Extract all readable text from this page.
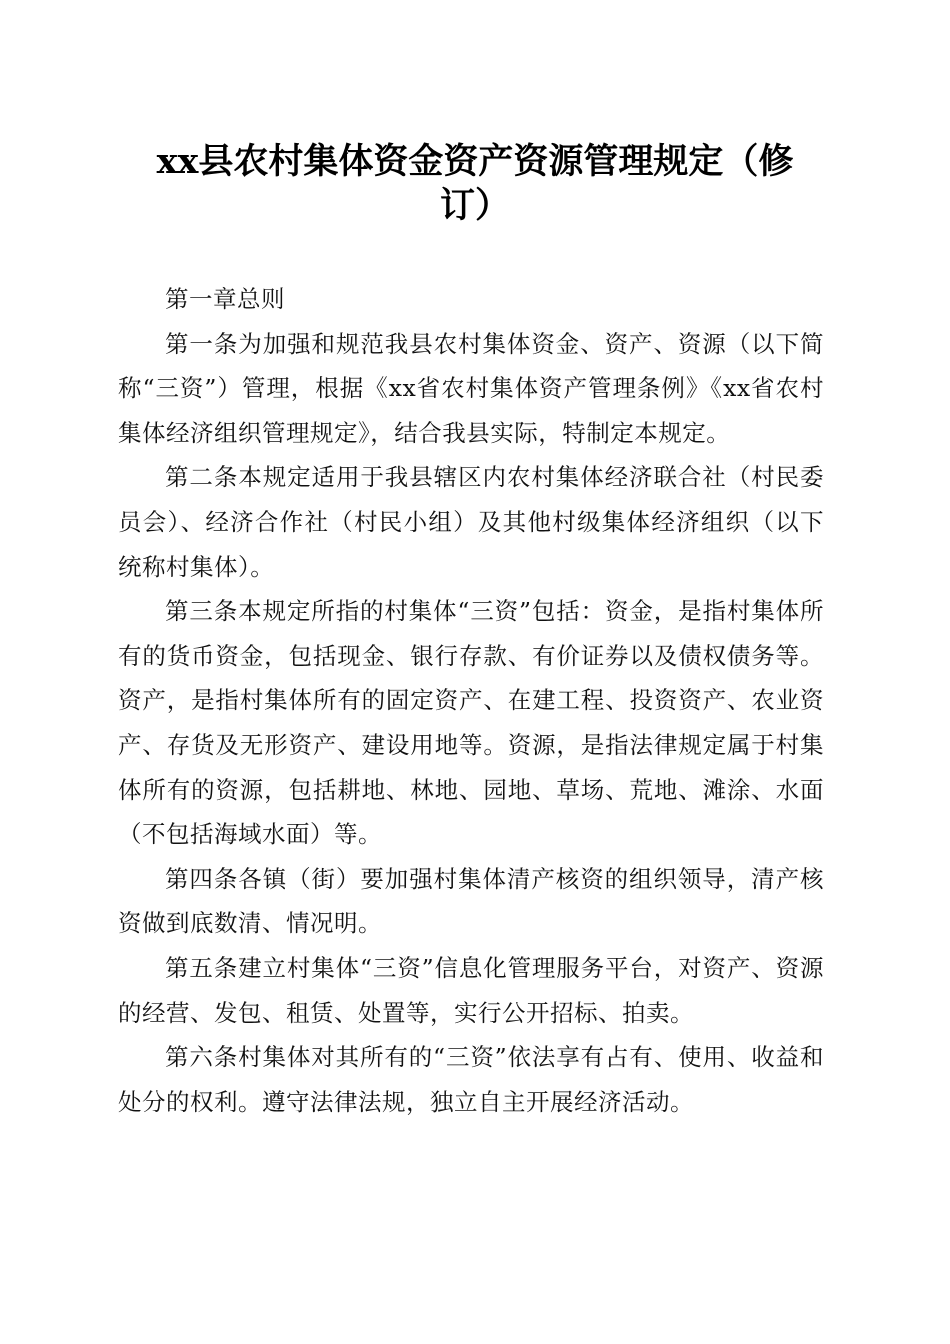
xx县农村集体资金资产资源管理规定（修订）

第一章总则

第一条为加强和规范我县农村集体资金、资产、资源（以下简称“三资”）管理，根据《xx省农村集体资产管理条例》《xx省农村集体经济组织管理规定》，结合我县实际，特制定本规定。

第二条本规定适用于我县辖区内农村集体经济联合社（村民委员会）、经济合作社（村民小组）及其他村级集体经济组织（以下统称村集体）。

第三条本规定所指的村集体“三资”包括：资金，是指村集体所有的货币资金，包括现金、银行存款、有价证券以及债权债务等。资产，是指村集体所有的固定资产、在建工程、投资资产、农业资产、存货及无形资产、建设用地等。资源，是指法律规定属于村集体所有的资源，包括耕地、林地、园地、草场、荒地、滩涂、水面（不包括海域水面）等。

第四条各镇（街）要加强村集体清产核资的组织领导，清产核资做到底数清、情况明。

第五条建立村集体“三资”信息化管理服务平台，对资产、资源的经营、发包、租赁、处置等，实行公开招标、拍卖。

第六条村集体对其所有的“三资”依法享有占有、使用、收益和处分的权利。遵守法律法规，独立自主开展经济活动。
